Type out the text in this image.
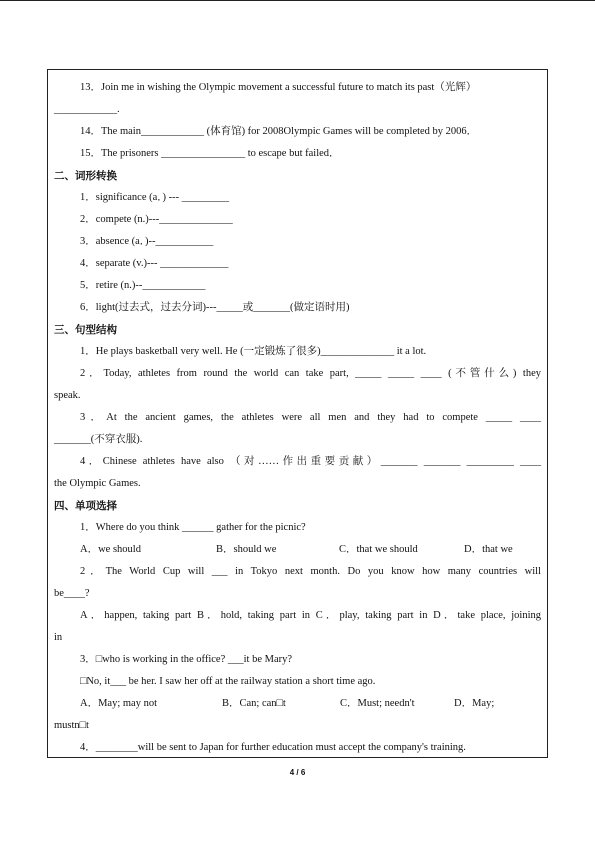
13．Join me in wishing the Olympic movement a successful future to match its past（光辉）
____________.
14．The main____________ (体育馆) for 2008Olympic Games will be completed by 2006．
15．The prisoners ________________ to escape but failed．
二、词形转换
1．significance (a．) --- _________
2．compete (n.)---______________
3．absence (a．)--___________
4．separate (v.)--- _____________
5．retire (n.)--____________
6．light(过去式，过去分词)---_____或_______(做定语时用)
三、句型结构
1．He plays basketball very well. He (一定锻炼了很多)______________ it a lot.
2．Today, athletes from round the world can take part, _____ _____ ____ (不管什么) they
speak.
3．At the ancient games, the athletes were all men and they had to compete _____ ____
_______(不穿衣服).
4．Chinese athletes have also （对……作出重要贡献）_______ _______ _________ ____
the Olympic Games.
四、单项选择
1．Where do you think ______ gather for the picnic?
A．we should	B．should we	C．that we should	D．that we
2．The World Cup will ___ in Tokyo next month. Do you know how many countries will
be____?
A．happen, taking part B．hold, taking part in C．play, taking part in D．take place, joining
in
3．□who is working in the office? ___it be Mary?
□No, it___ be her. I saw her off at the railway station a short time ago.
A．May; may not	B．Can; can□t	C．Must; needn't	D．May;
mustn□t
4．________will be sent to Japan for further education must accept the company's training.
4 / 6
